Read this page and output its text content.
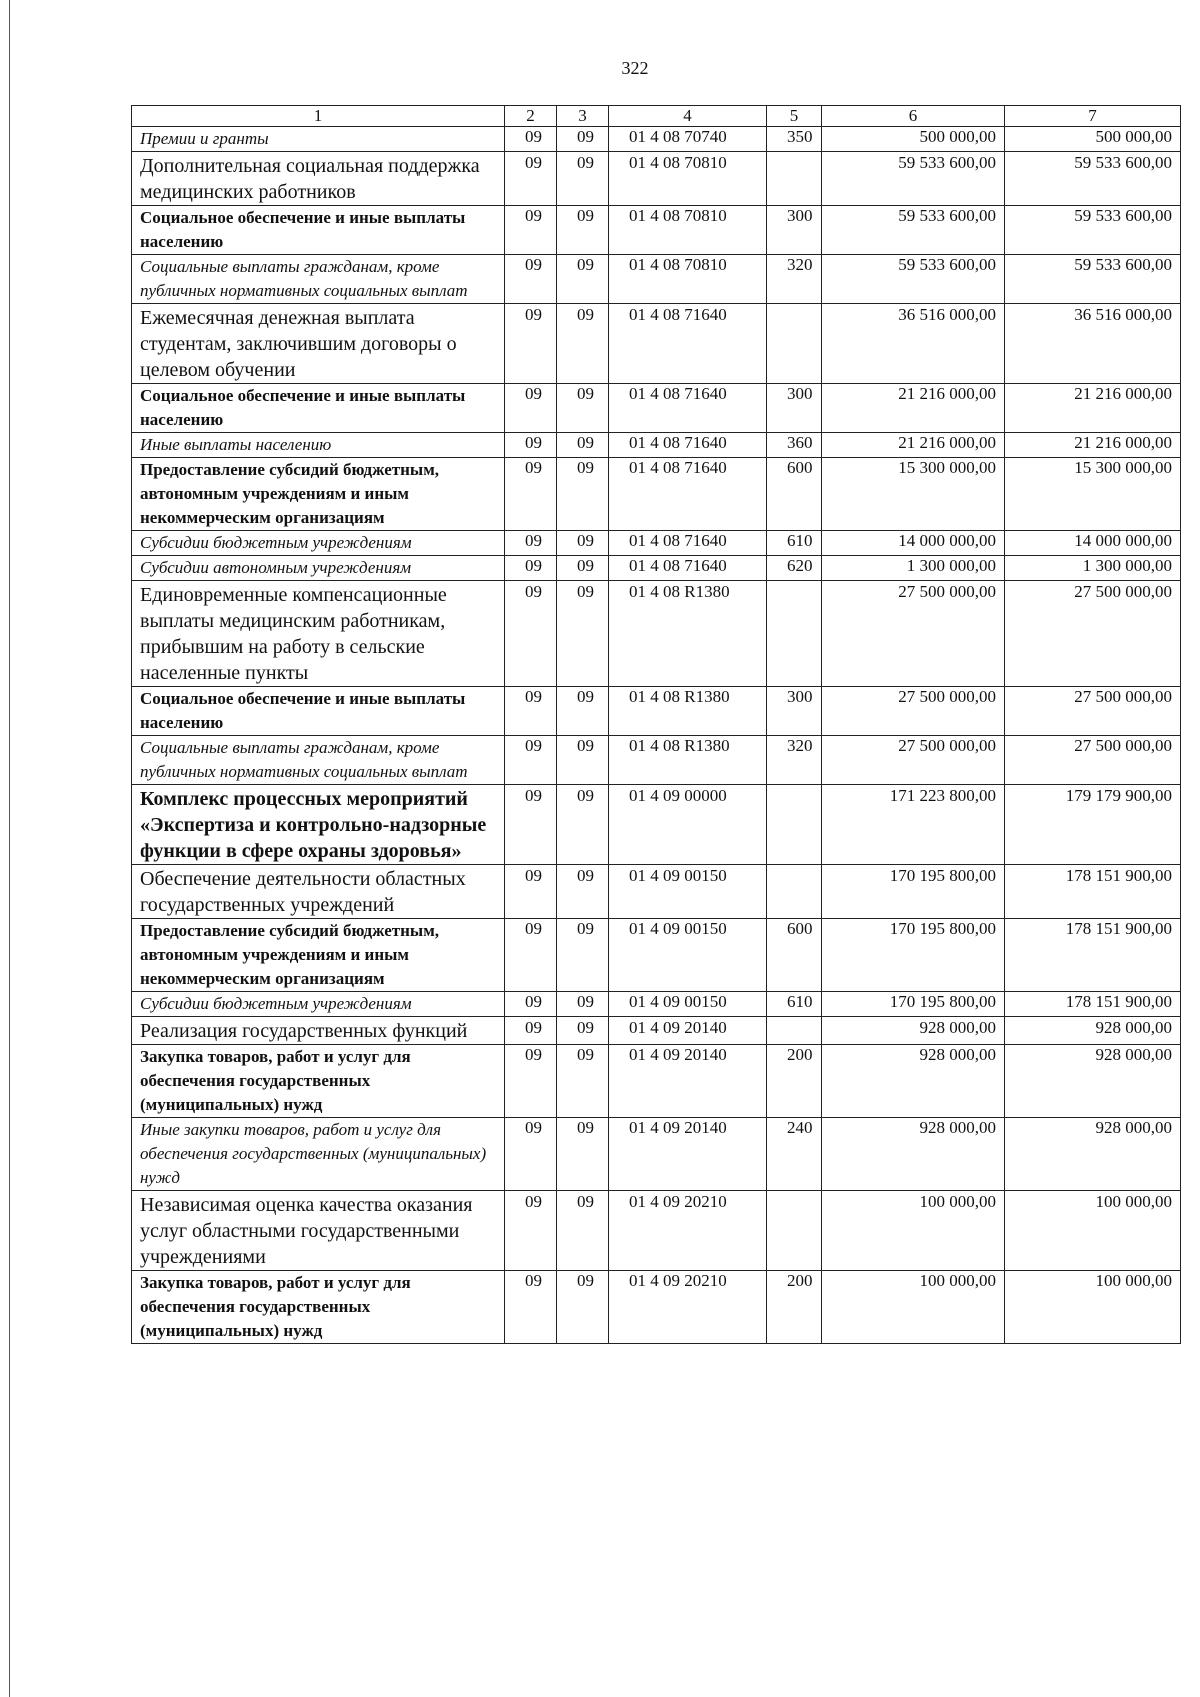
322
1	2	3	4	5	6	7
Премии и гранты	09	09	01 4 08 70740	350	500 000,00	500 000,00
Дополнительная социальная поддержка медицинских работников	09	09	01 4 08 70810		59 533 600,00	59 533 600,00
Социальное обеспечение и иные выплаты населению	09	09	01 4 08 70810	300	59 533 600,00	59 533 600,00
Социальные выплаты гражданам, кроме публичных нормативных социальных выплат	09	09	01 4 08 70810	320	59 533 600,00	59 533 600,00
Ежемесячная денежная выплата студентам, заключившим договоры о целевом обучении	09	09	01 4 08 71640		36 516 000,00	36 516 000,00
Социальное обеспечение и иные выплаты населению	09	09	01 4 08 71640	300	21 216 000,00	21 216 000,00
Иные выплаты населению	09	09	01 4 08 71640	360	21 216 000,00	21 216 000,00
Предоставление субсидий бюджетным, автономным учреждениям и иным некоммерческим организациям	09	09	01 4 08 71640	600	15 300 000,00	15 300 000,00
Субсидии бюджетным учреждениям	09	09	01 4 08 71640	610	14 000 000,00	14 000 000,00
Субсидии автономным учреждениям	09	09	01 4 08 71640	620	1 300 000,00	1 300 000,00
Единовременные компенсационные выплаты медицинским работникам, прибывшим на работу в сельские населенные пункты	09	09	01 4 08 R1380		27 500 000,00	27 500 000,00
Социальное обеспечение и иные выплаты населению	09	09	01 4 08 R1380	300	27 500 000,00	27 500 000,00
Социальные выплаты гражданам, кроме публичных нормативных социальных выплат	09	09	01 4 08 R1380	320	27 500 000,00	27 500 000,00
Комплекс процессных мероприятий «Экспертиза и контрольно-надзорные функции в сфере охраны здоровья»	09	09	01 4 09 00000		171 223 800,00	179 179 900,00
Обеспечение деятельности областных государственных учреждений	09	09	01 4 09 00150		170 195 800,00	178 151 900,00
Предоставление субсидий бюджетным, автономным учреждениям и иным некоммерческим организациям	09	09	01 4 09 00150	600	170 195 800,00	178 151 900,00
Субсидии бюджетным учреждениям	09	09	01 4 09 00150	610	170 195 800,00	178 151 900,00
Реализация государственных функций	09	09	01 4 09 20140		928 000,00	928 000,00
Закупка товаров, работ и услуг для обеспечения государственных (муниципальных) нужд	09	09	01 4 09 20140	200	928 000,00	928 000,00
Иные закупки товаров, работ и услуг для обеспечения государственных (муниципальных) нужд	09	09	01 4 09 20140	240	928 000,00	928 000,00
Независимая оценка качества оказания услуг областными государственными учреждениями	09	09	01 4 09 20210		100 000,00	100 000,00
Закупка товаров, работ и услуг для обеспечения государственных (муниципальных) нужд	09	09	01 4 09 20210	200	100 000,00	100 000,00
